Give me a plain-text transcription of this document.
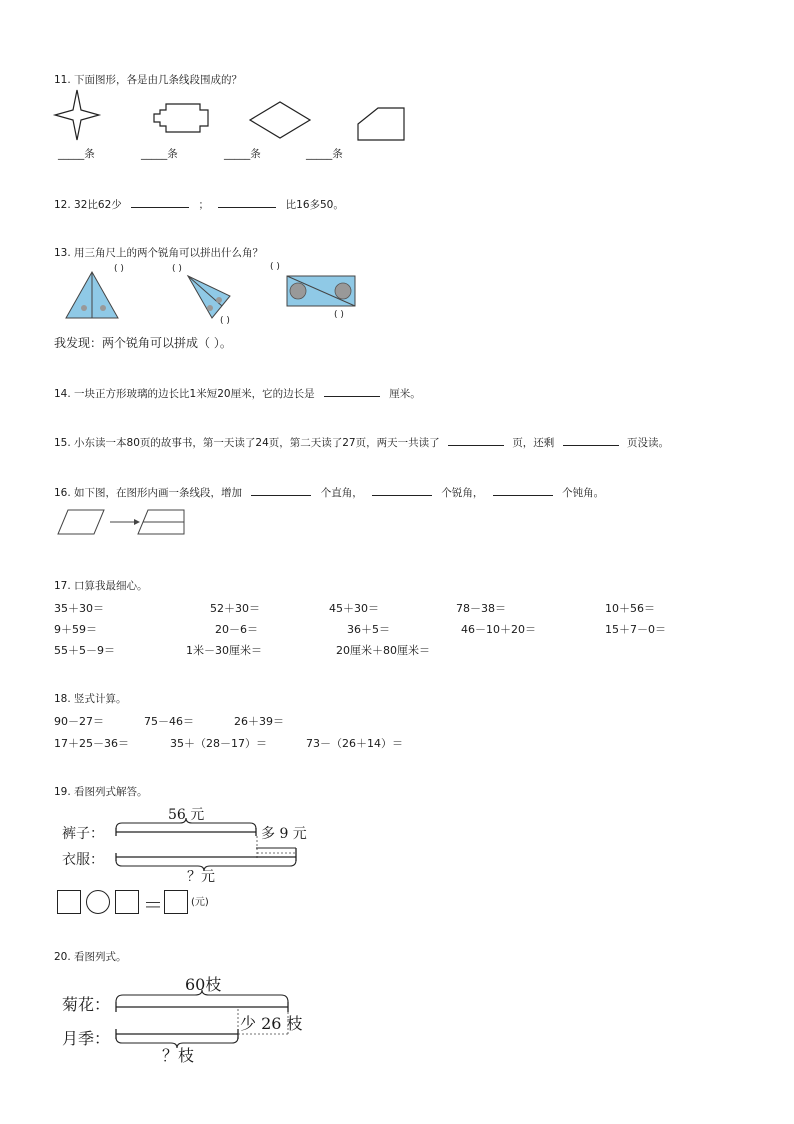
11. 下面图形，各是由几条线段围成的？
_____条	_____条	_____条	_____条
12. 32比62少	；	比16多50。
13. 用三角尺上的两个锐角可以拼出什么角？
( )	( )
( )
( )
( )
我发现：两个锐角可以拼成（ ）。
14. 一块正方形玻璃的边长比1米短20厘米，它的边长是	厘米。
15. 小东读一本80页的故事书，第一天读了24页，第二天读了27页，两天一共读了	页，还剩	页没读。
16. 如下图，在图形内画一条线段，增加	个直角，	个锐角，	个钝角。
17. 口算我最细心。
35＋30＝	52＋30＝	45＋30＝	78－38＝	10＋56＝
9＋59＝	20－6＝	36＋5＝	46－10＋20＝	15＋7－0＝
55＋5－9＝	1米－30厘米＝	20厘米＋80厘米＝
18. 竖式计算。
90－27＝	75－46＝	26＋39＝
17＋25－36＝	35＋（28－17）＝	73－（26＋14）＝
19. 看图列式解答。
56 元
裤子：
衣服：
多 9 元
？元
＝	(元)
20. 看图列式。
60枝
菊花：
月季：
少 26 枝
？枝
